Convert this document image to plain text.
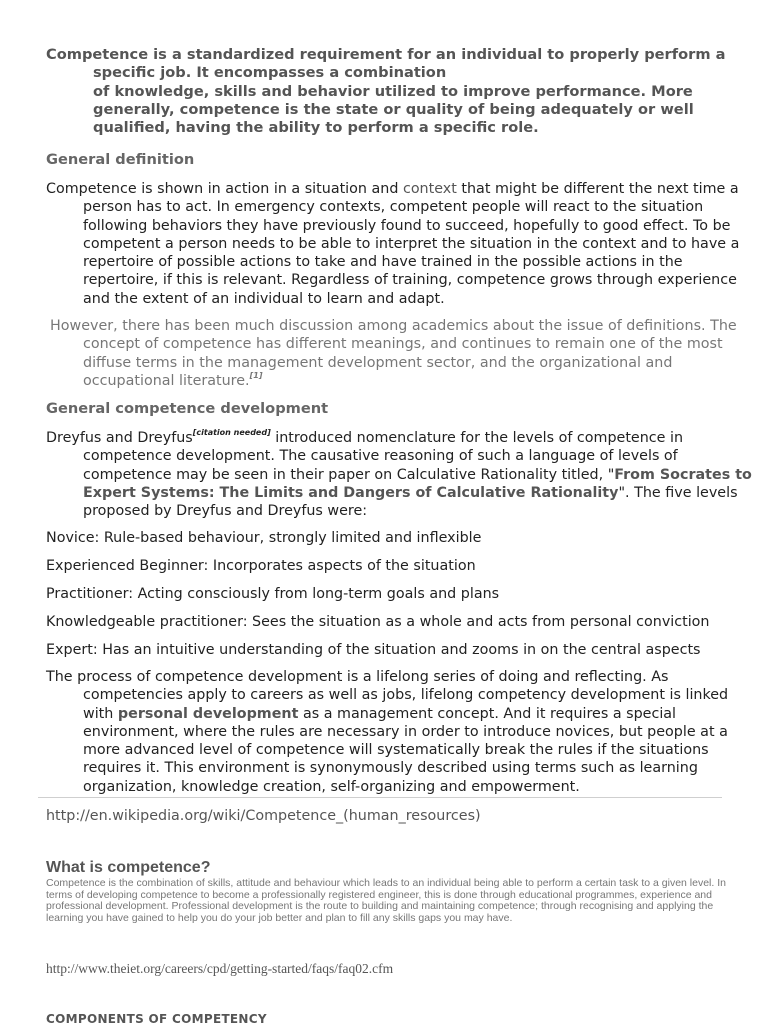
Competence is a standardized requirement for an individual to properly perform a specific job. It encompasses a combination
of knowledge, skills and behavior utilized to improve performance. More generally, competence is the state or quality of being adequately or well qualified, having the ability to perform a specific role.
General definition
Competence is shown in action in a situation and context that might be different the next time a person has to act. In emergency contexts, competent people will react to the situation following behaviors they have previously found to succeed, hopefully to good effect. To be competent a person needs to be able to interpret the situation in the context and to have a repertoire of possible actions to take and have trained in the possible actions in the repertoire, if this is relevant. Regardless of training, competence grows through experience and the extent of an individual to learn and adapt.
However, there has been much discussion among academics about the issue of definitions. The concept of competence has different meanings, and continues to remain one of the most diffuse terms in the management development sector, and the organizational and occupational literature.[1]
General competence development
Dreyfus and Dreyfus[citation needed] introduced nomenclature for the levels of competence in competence development. The causative reasoning of such a language of levels of competence may be seen in their paper on Calculative Rationality titled, "From Socrates to Expert Systems: The Limits and Dangers of Calculative Rationality". The five levels proposed by Dreyfus and Dreyfus were:
Novice: Rule-based behaviour, strongly limited and inflexible
Experienced Beginner: Incorporates aspects of the situation
Practitioner: Acting consciously from long-term goals and plans
Knowledgeable practitioner: Sees the situation as a whole and acts from personal conviction
Expert: Has an intuitive understanding of the situation and zooms in on the central aspects
The process of competence development is a lifelong series of doing and reflecting. As competencies apply to careers as well as jobs, lifelong competency development is linked with personal development as a management concept. And it requires a special environment, where the rules are necessary in order to introduce novices, but people at a more advanced level of competence will systematically break the rules if the situations requires it. This environment is synonymously described using terms such as learning organization, knowledge creation, self-organizing and empowerment.
http://en.wikipedia.org/wiki/Competence_(human_resources)
What is competence?
Competence is the combination of skills, attitude and behaviour which leads to an individual being able to perform a certain task to a given level. In terms of developing competence to become a professionally registered engineer, this is done through educational programmes, experience and professional development. Professional development is the route to building and maintaining competence; through recognising and applying the learning you have gained to help you do your job better and plan to fill any skills gaps you may have.
http://www.theiet.org/careers/cpd/getting-started/faqs/faq02.cfm
COMPONENTS OF COMPETENCY
